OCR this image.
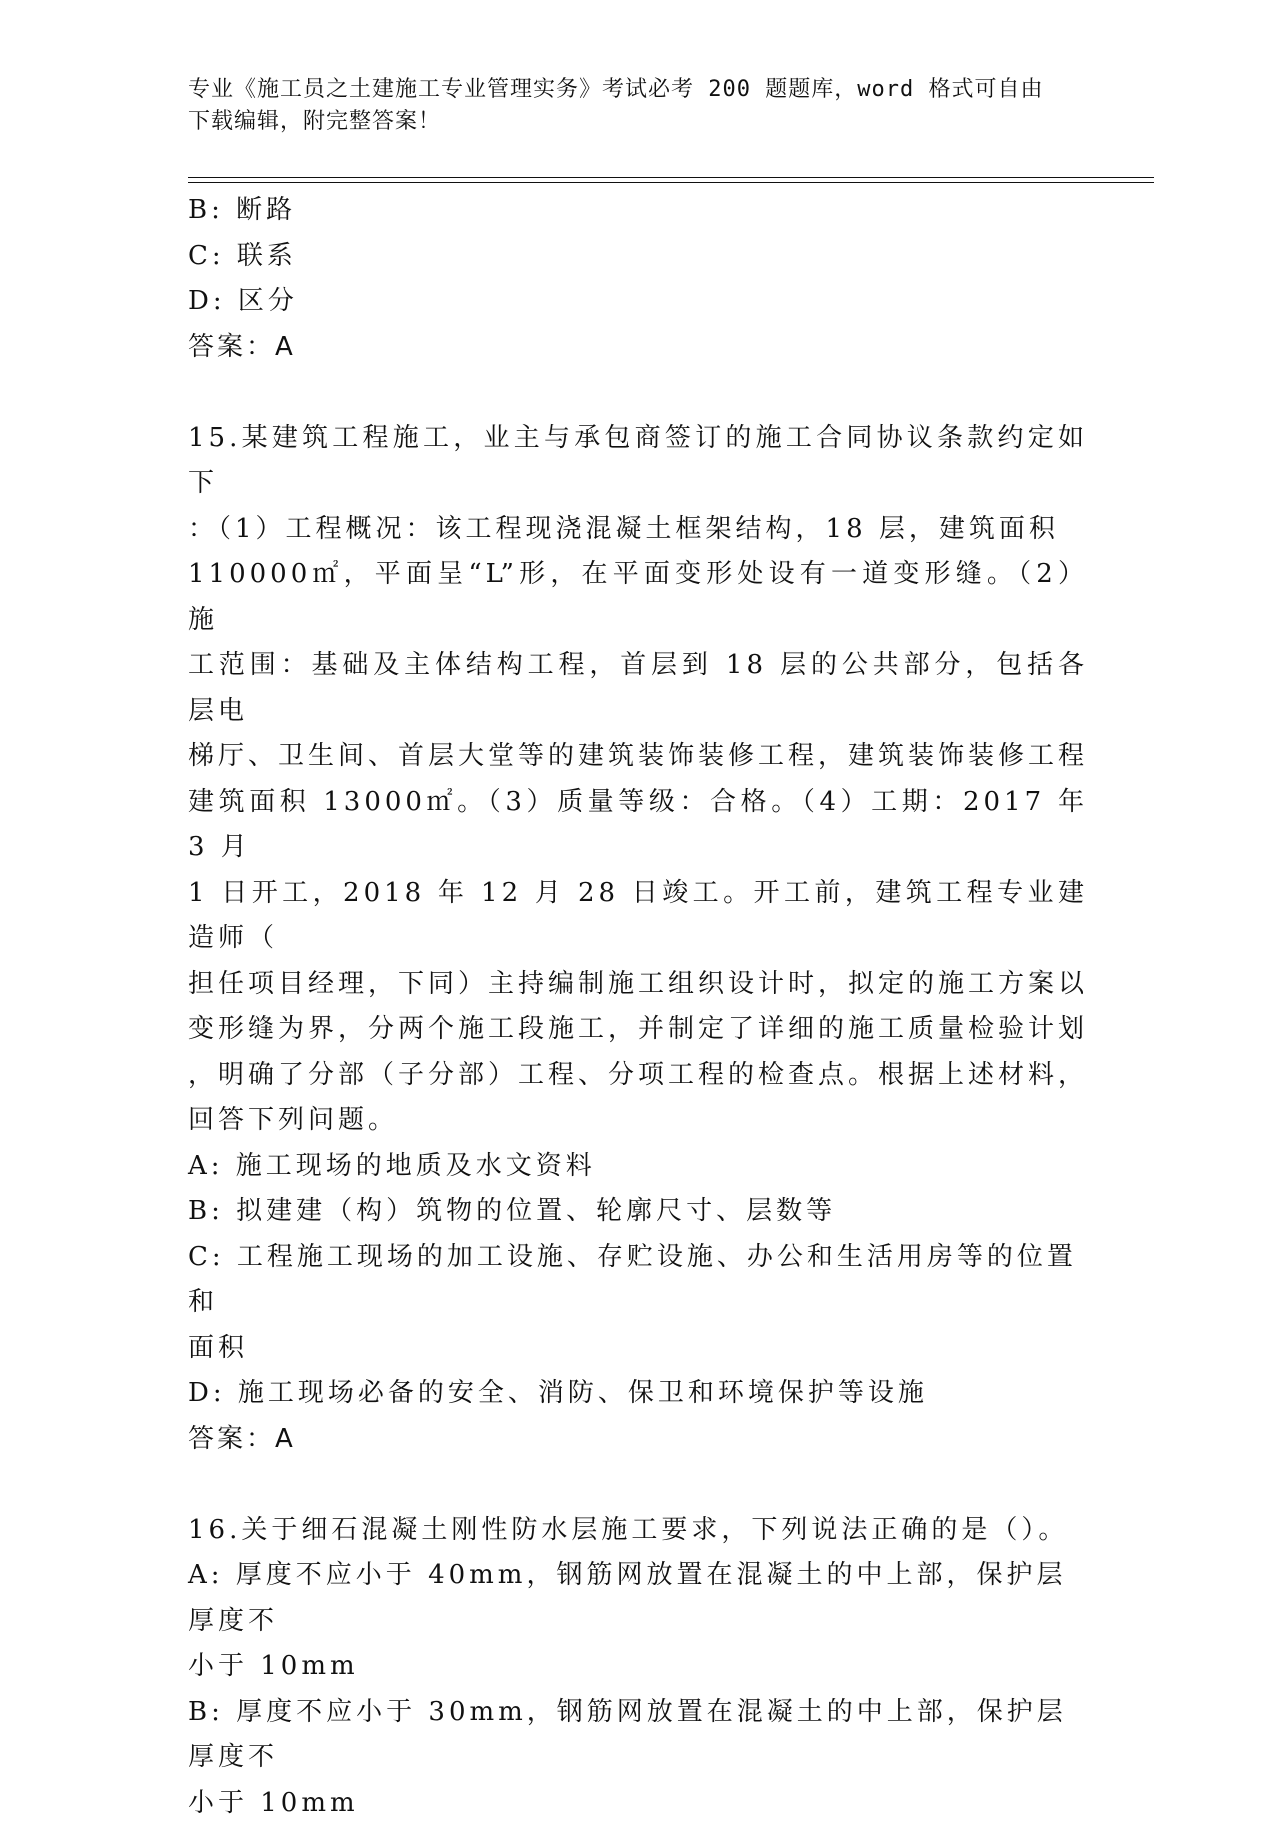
专业《施工员之土建施工专业管理实务》考试必考 200 题题库，word 格式可自由
下载编辑，附完整答案！
B: 断路
C: 联系
D: 区分
答案：A
15.某建筑工程施工，业主与承包商签订的施工合同协议条款约定如下
：（1）工程概况：该工程现浇混凝土框架结构，18 层，建筑面积
110000㎡，平面呈“L”形，在平面变形处设有一道变形缝。（2）施
工范围：基础及主体结构工程，首层到 18 层的公共部分，包括各层电
梯厅、卫生间、首层大堂等的建筑装饰装修工程，建筑装饰装修工程
建筑面积 13000㎡。（3）质量等级：合格。（4）工期：2017 年 3 月
1 日开工，2018 年 12 月 28 日竣工。开工前，建筑工程专业建造师（
担任项目经理，下同）主持编制施工组织设计时，拟定的施工方案以
变形缝为界，分两个施工段施工，并制定了详细的施工质量检验计划
，明确了分部（子分部）工程、分项工程的检查点。根据上述材料，
回答下列问题。
A: 施工现场的地质及水文资料
B: 拟建建（构）筑物的位置、轮廓尺寸、层数等
C: 工程施工现场的加工设施、存贮设施、办公和生活用房等的位置和
面积
D: 施工现场必备的安全、消防、保卫和环境保护等设施
答案：A
16.关于细石混凝土刚性防水层施工要求，下列说法正确的是（）。
A: 厚度不应小于 40mm，钢筋网放置在混凝土的中上部，保护层厚度不
小于 10mm
B: 厚度不应小于 30mm，钢筋网放置在混凝土的中上部，保护层厚度不
小于 10mm
